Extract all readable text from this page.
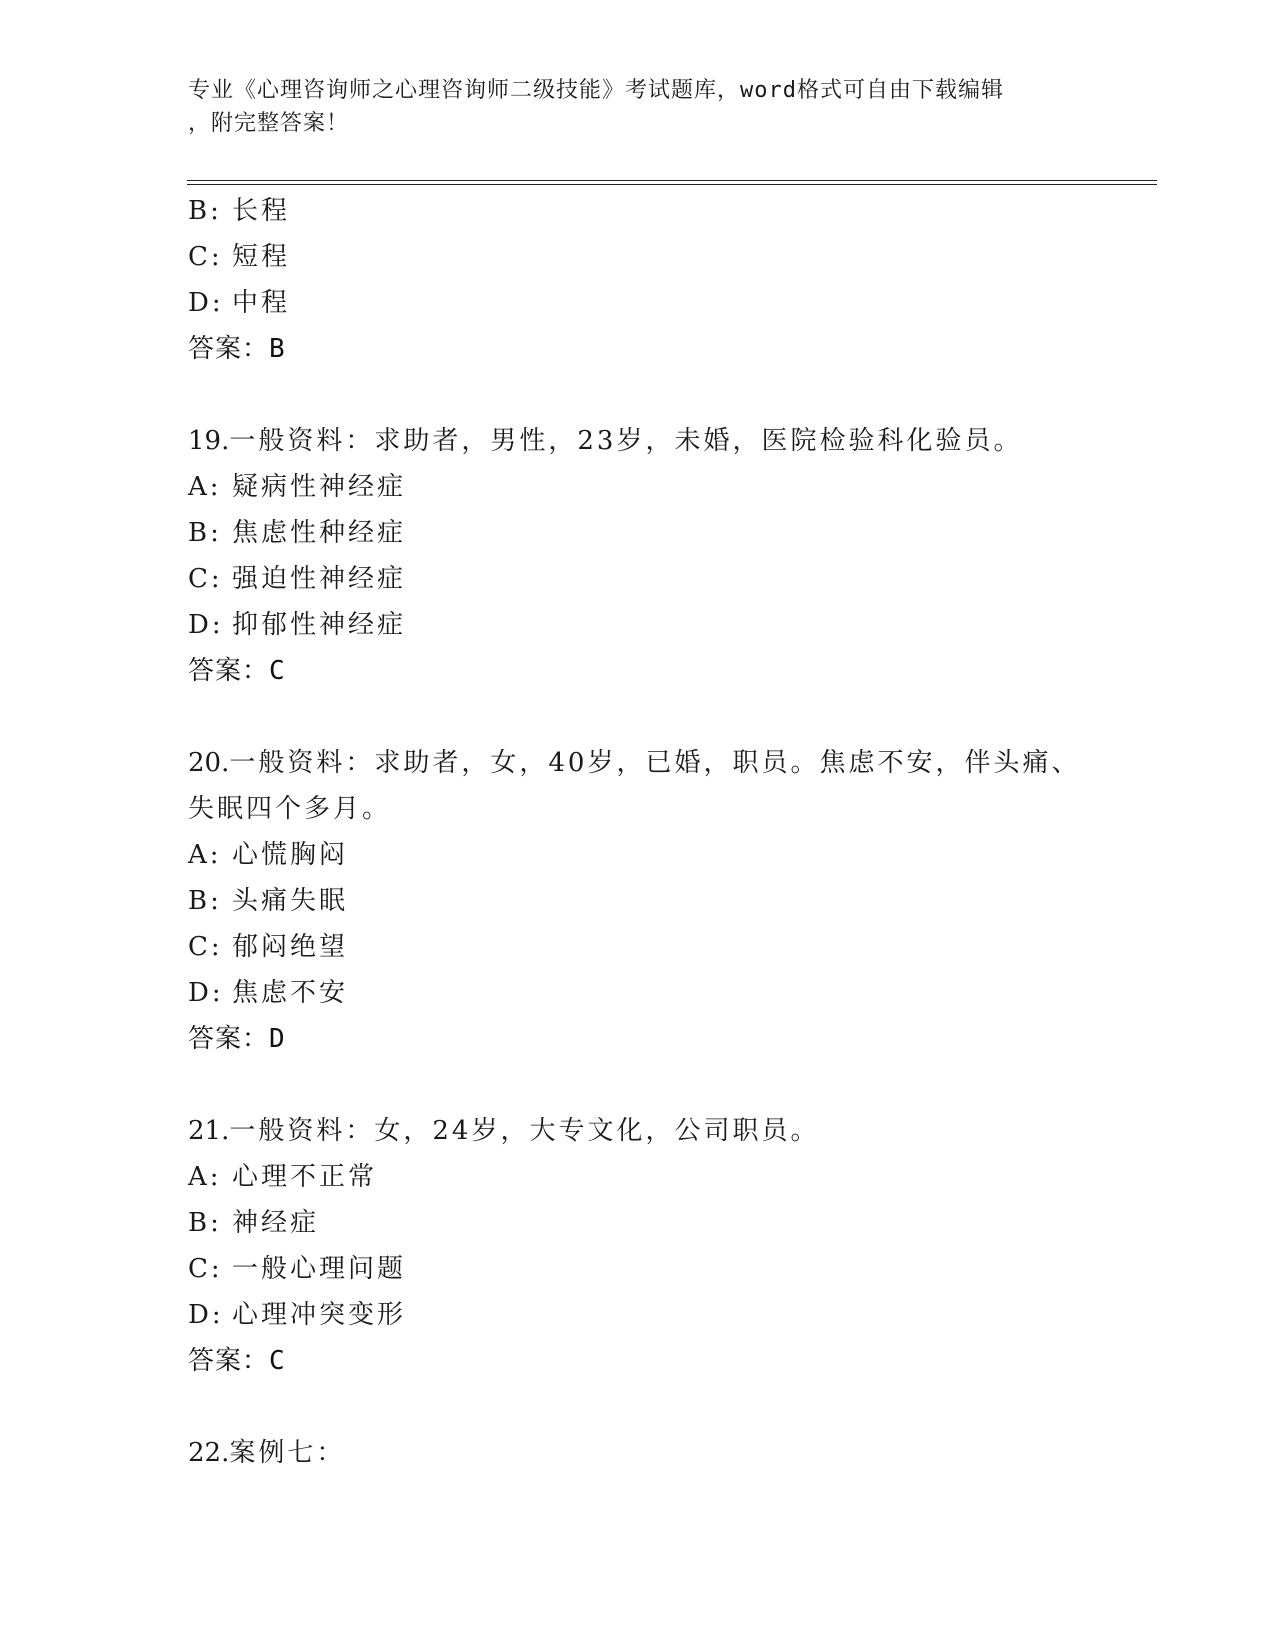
专业《心理咨询师之心理咨询师二级技能》考试题库，word格式可自由下载编辑
，附完整答案！
B: 长程
C: 短程
D: 中程
答案：B
19.一般资料：求助者，男性，23岁，未婚，医院检验科化验员。
A: 疑病性神经症
B: 焦虑性种经症
C: 强迫性神经症
D: 抑郁性神经症
答案：C
20.一般资料：求助者，女，40岁，已婚，职员。焦虑不安，伴头痛、
失眠四个多月。
A: 心慌胸闷
B: 头痛失眠
C: 郁闷绝望
D: 焦虑不安
答案：D
21.一般资料：女，24岁，大专文化，公司职员。
A: 心理不正常
B: 神经症
C: 一般心理问题
D: 心理冲突变形
答案：C
22.案例七：
